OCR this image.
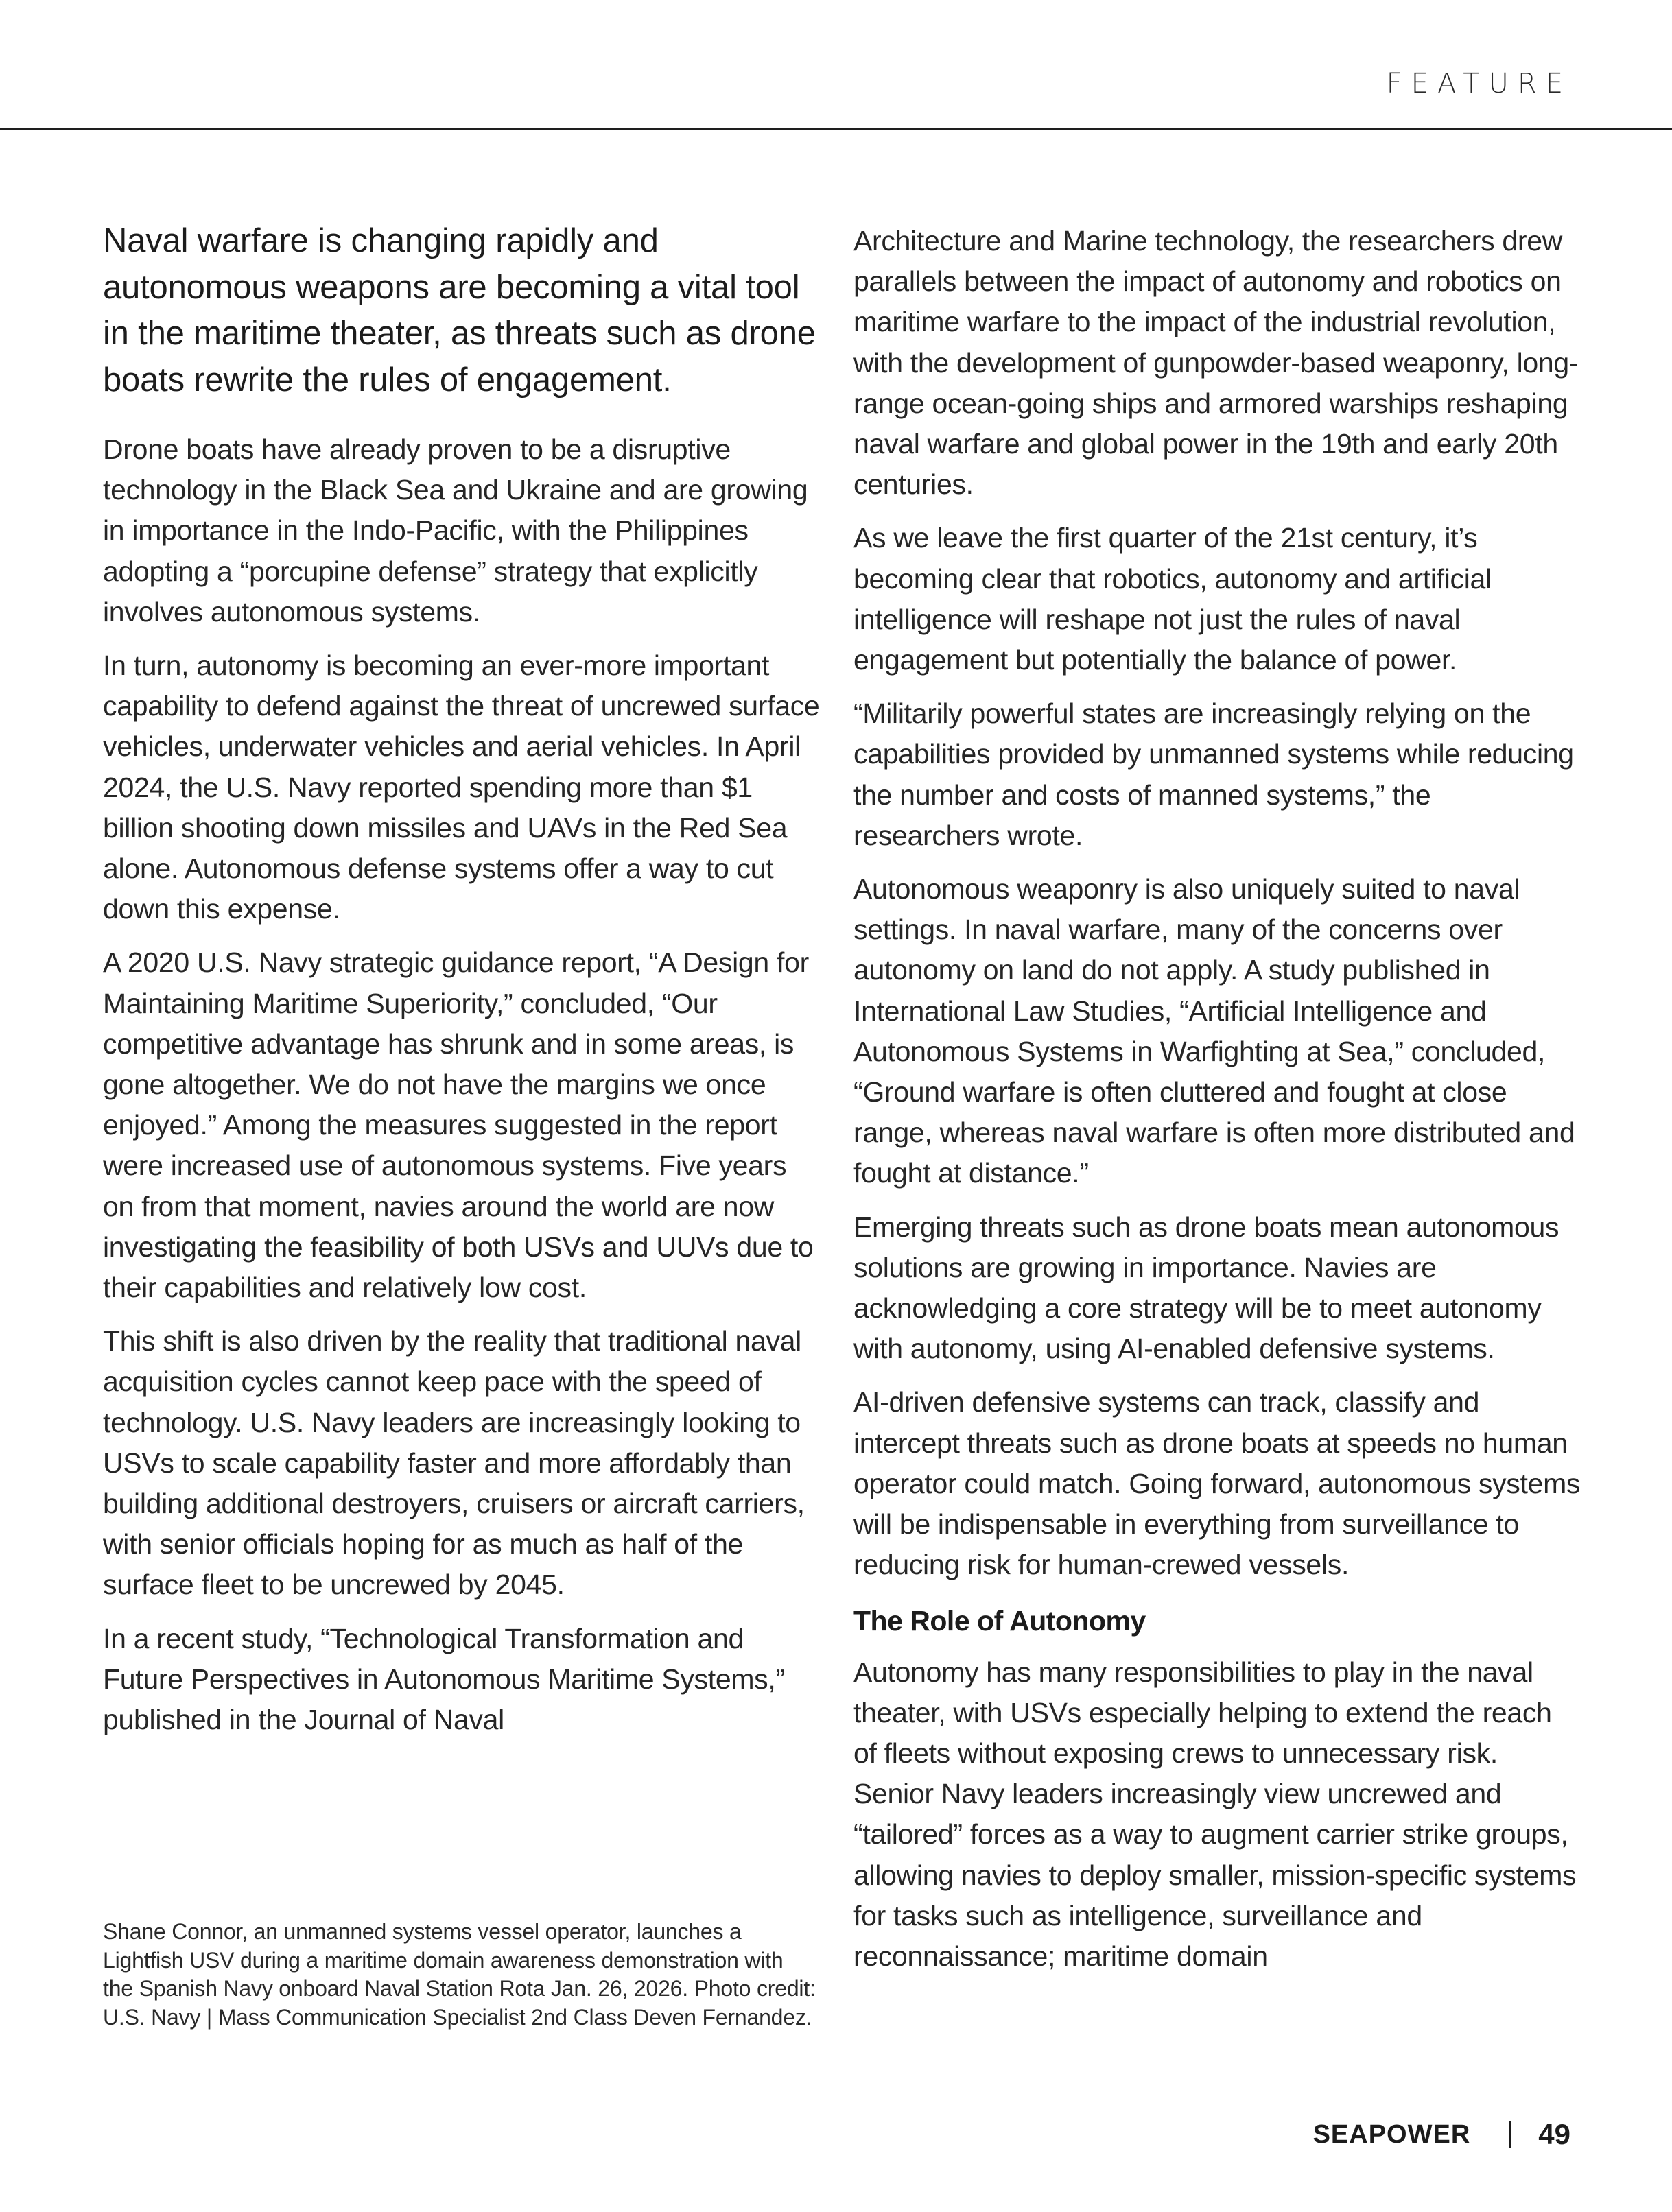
FEATURE

Naval warfare is changing rapidly and autonomous weapons are becoming a vital tool in the maritime theater, as threats such as drone boats rewrite the rules of engagement.

Drone boats have already proven to be a disruptive technology in the Black Sea and Ukraine and are growing in importance in the Indo-Pacific, with the Philippines adopting a “porcupine defense” strategy that explicitly involves autonomous systems.

In turn, autonomy is becoming an ever-more important capability to defend against the threat of uncrewed surface vehicles, underwater vehicles and aerial vehicles. In April 2024, the U.S. Navy reported spending more than $1 billion shooting down missiles and UAVs in the Red Sea alone. Autonomous defense systems offer a way to cut down this expense.

A 2020 U.S. Navy strategic guidance report, “A Design for Maintaining Maritime Superiority,” concluded, “Our competitive advantage has shrunk and in some areas, is gone altogether. We do not have the margins we once enjoyed.” Among the measures suggested in the report were increased use of autonomous systems. Five years on from that moment, navies around the world are now investigating the feasibility of both USVs and UUVs due to their capabilities and relatively low cost.

This shift is also driven by the reality that traditional naval acquisition cycles cannot keep pace with the speed of technology. U.S. Navy leaders are increasingly looking to USVs to scale capability faster and more affordably than building additional destroyers, cruisers or aircraft carriers, with senior officials hoping for as much as half of the surface fleet to be uncrewed by 2045.

In a recent study, “Technological Transformation and Future Perspectives in Autonomous Maritime Systems,” published in the Journal of Naval

Shane Connor, an unmanned systems vessel operator, launches a Lightfish USV during a maritime domain awareness demonstration with the Spanish Navy onboard Naval Station Rota Jan. 26, 2026. Photo credit: U.S. Navy | Mass Communication Specialist 2nd Class Deven Fernandez.

Architecture and Marine technology, the researchers drew parallels between the impact of autonomy and robotics on maritime warfare to the impact of the industrial revolution, with the development of gunpowder-based weaponry, long-range ocean-going ships and armored warships reshaping naval warfare and global power in the 19th and early 20th centuries.

As we leave the first quarter of the 21st century, it’s becoming clear that robotics, autonomy and artificial intelligence will reshape not just the rules of naval engagement but potentially the balance of power.

“Militarily powerful states are increasingly relying on the capabilities provided by unmanned systems while reducing the number and costs of manned systems,” the researchers wrote.

Autonomous weaponry is also uniquely suited to naval settings. In naval warfare, many of the concerns over autonomy on land do not apply. A study published in International Law Studies, “Artificial Intelligence and Autonomous Systems in Warfighting at Sea,” concluded, “Ground warfare is often cluttered and fought at close range, whereas naval warfare is often more distributed and fought at distance.”

Emerging threats such as drone boats mean autonomous solutions are growing in importance. Navies are acknowledging a core strategy will be to meet autonomy with autonomy, using AI-enabled defensive systems.

AI-driven defensive systems can track, classify and intercept threats such as drone boats at speeds no human operator could match. Going forward, autonomous systems will be indispensable in everything from surveillance to reducing risk for human-crewed vessels.

The Role of Autonomy

Autonomy has many responsibilities to play in the naval theater, with USVs especially helping to extend the reach of fleets without exposing crews to unnecessary risk. Senior Navy leaders increasingly view uncrewed and “tailored” forces as a way to augment carrier strike groups, allowing navies to deploy smaller, mission-specific systems for tasks such as intelligence, surveillance and reconnaissance; maritime domain

SEAPOWER 49
